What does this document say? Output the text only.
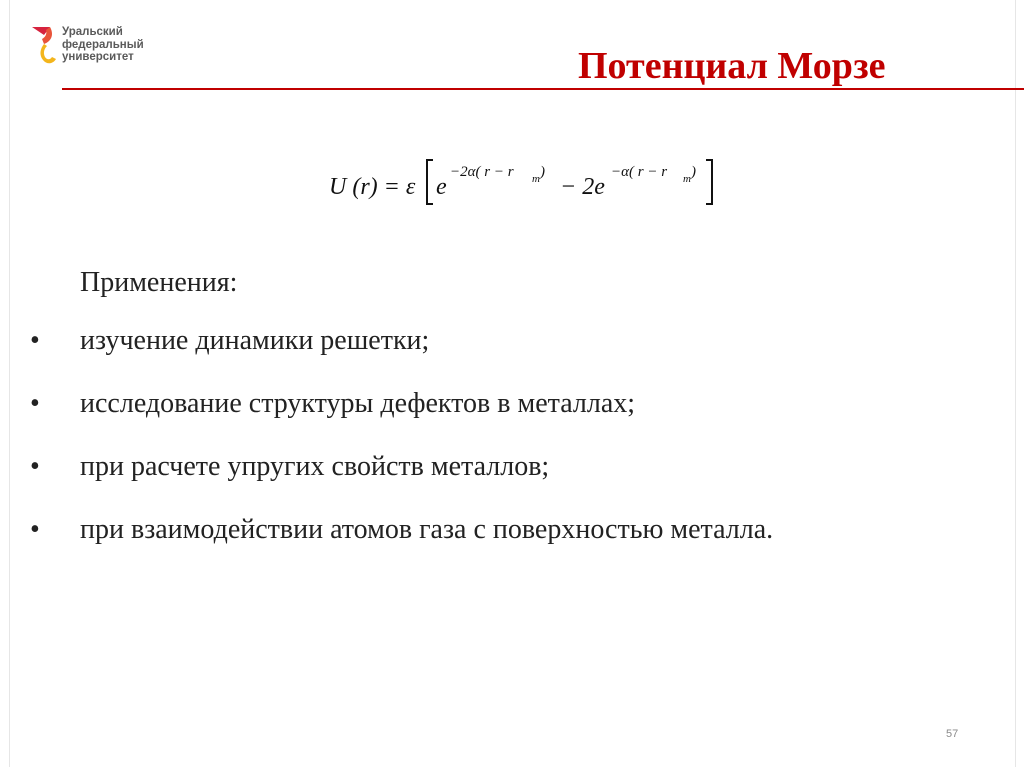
Уральский
федеральный
университет	Потенциал Морзе
U (r) = ε e
−2α( r − r m )
− 2e
−α( r − r m )
Применения:
• изучение динамики решетки;
• исследование структуры дефектов в металлах;
• при расчете упругих свойств металлов;
• при взаимодействии атомов газа с поверхностью металла.
57
